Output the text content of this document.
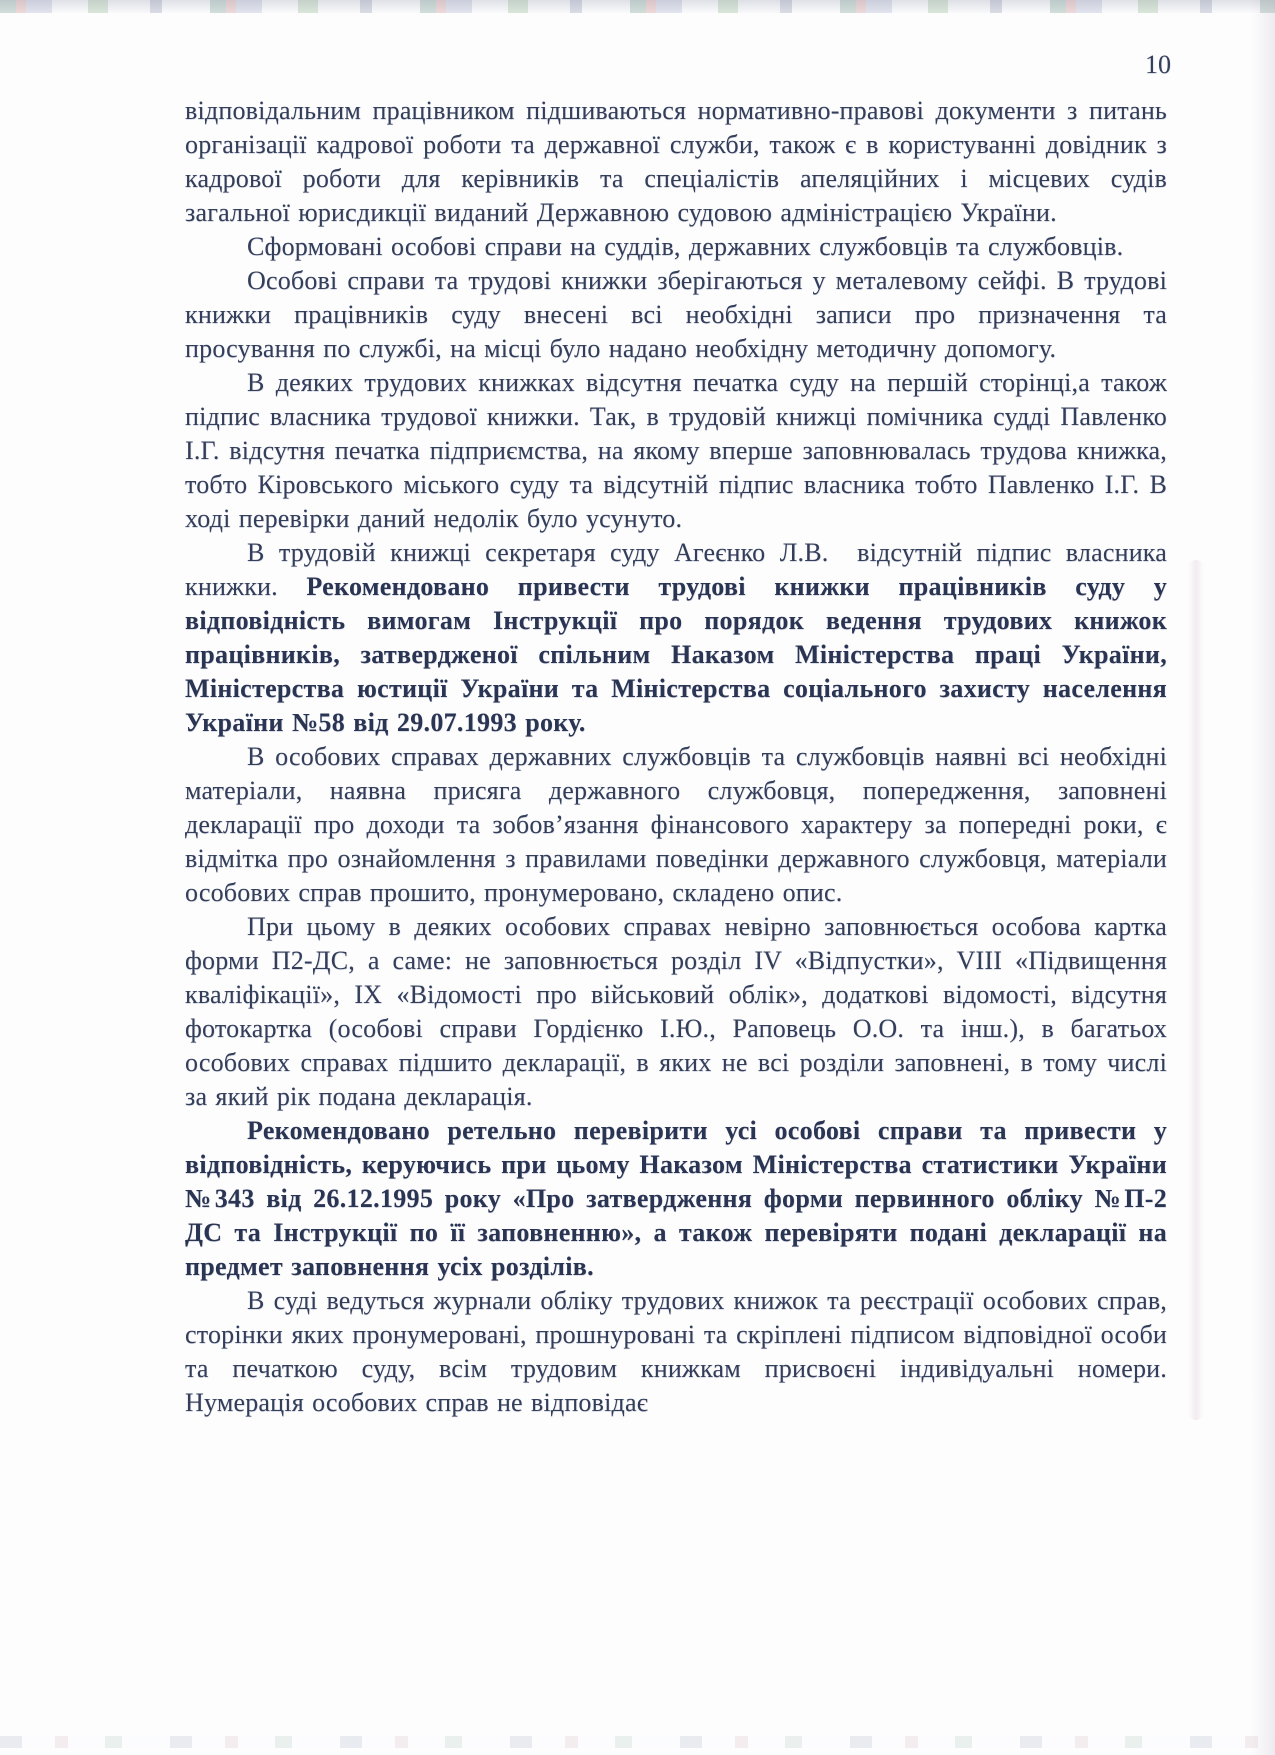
10

відповідальним працівником підшиваються нормативно-правові документи з питань організації кадрової роботи та державної служби, також є в користуванні довідник з кадрової роботи для керівників та спеціалістів апеляційних і місцевих судів загальної юрисдикції виданий Державною судовою адміністрацією України.

Сформовані особові справи на суддів, державних службовців та службовців.

Особові справи та трудові книжки зберігаються у металевому сейфі. В трудові книжки працівників суду внесені всі необхідні записи про призначення та просування по службі, на місці було надано необхідну методичну допомогу.

В деяких трудових книжках відсутня печатка суду на першій сторінці,а також підпис власника трудової книжки. Так, в трудовій книжці помічника судді Павленко І.Г. відсутня печатка підприємства, на якому вперше заповнювалась трудова книжка, тобто Кіровського міського суду та відсутній підпис власника тобто Павленко І.Г. В ході перевірки даний недолік було усунуто.

В трудовій книжці секретаря суду Агеєнко Л.В.  відсутній підпис власника книжки. Рекомендовано привести трудові книжки працівників суду у відповідність вимогам Інструкції про порядок ведення трудових книжок працівників, затвердженої спільним Наказом Міністерства праці України, Міністерства юстиції України та Міністерства соціального захисту населення України №58 від 29.07.1993 року.

В особових справах державних службовців та службовців наявні всі необхідні матеріали, наявна присяга державного службовця, попередження, заповнені декларації про доходи та зобов’язання фінансового характеру за попередні роки, є відмітка про ознайомлення з правилами поведінки державного службовця, матеріали особових справ прошито, пронумеровано, складено опис.

При цьому в деяких особових справах невірно заповнюється особова картка форми П2-ДС, а саме: не заповнюється розділ IV «Відпустки», VIII «Підвищення кваліфікації», IX «Відомості про військовий облік», додаткові відомості, відсутня фотокартка (особові справи Гордієнко І.Ю., Раповець О.О. та інш.), в багатьох особових справах підшито декларації, в яких не всі розділи заповнені, в тому числі за який рік подана декларація.

Рекомендовано ретельно перевірити усі особові справи та привести у відповідність, керуючись при цьому Наказом Міністерства статистики України №343 від 26.12.1995 року «Про затвердження форми первинного обліку №П-2 ДС та Інструкції по її заповненню», а також перевіряти подані декларації на предмет заповнення усіх розділів.

В суді ведуться журнали обліку трудових книжок та реєстрації особових справ, сторінки яких пронумеровані, прошнуровані та скріплені підписом відповідної особи та печаткою суду, всім трудовим книжкам присвоєні індивідуальні номери. Нумерація особових справ не відповідає
